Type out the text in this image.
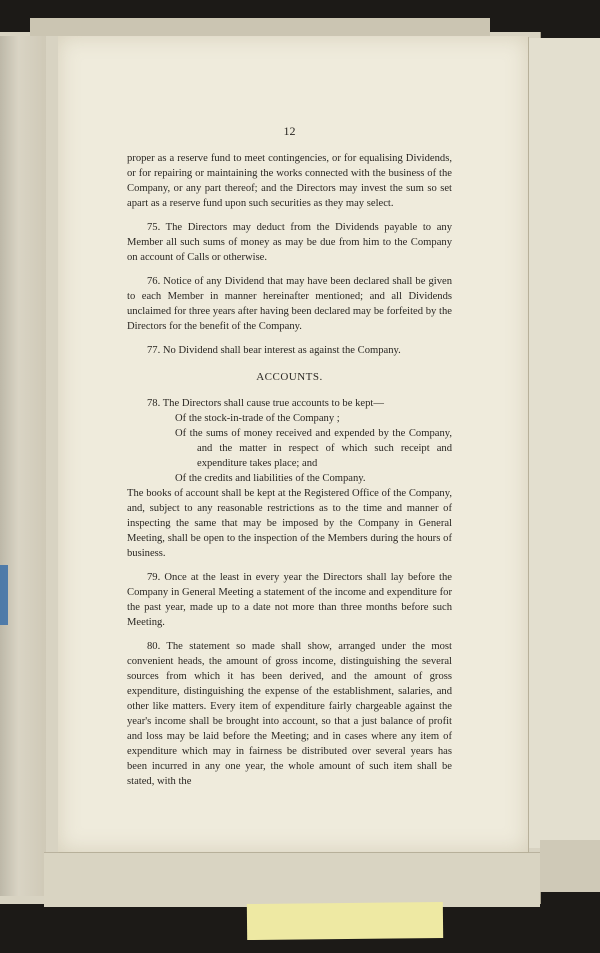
12

proper as a reserve fund to meet contingencies, or for equalising Dividends, or for repairing or maintaining the works connected with the business of the Company, or any part thereof; and the Directors may invest the sum so set apart as a reserve fund upon such securities as they may select.

75. The Directors may deduct from the Dividends payable to any Member all such sums of money as may be due from him to the Company on account of Calls or otherwise.

76. Notice of any Dividend that may have been declared shall be given to each Member in manner hereinafter mentioned; and all Dividends unclaimed for three years after having been declared may be forfeited by the Directors for the benefit of the Company.

77. No Dividend shall bear interest as against the Company.

ACCOUNTS.

78. The Directors shall cause true accounts to be kept—

Of the stock-in-trade of the Company ;
Of the sums of money received and expended by the Company, and the matter in respect of which such receipt and expenditure takes place; and
Of the credits and liabilities of the Company.

The books of account shall be kept at the Registered Office of the Company, and, subject to any reasonable restrictions as to the time and manner of inspecting the same that may be imposed by the Company in General Meeting, shall be open to the inspection of the Members during the hours of business.

79. Once at the least in every year the Directors shall lay before the Company in General Meeting a statement of the income and expenditure for the past year, made up to a date not more than three months before such Meeting.

80. The statement so made shall show, arranged under the most convenient heads, the amount of gross income, distinguishing the several sources from which it has been derived, and the amount of gross expenditure, distinguishing the expense of the establishment, salaries, and other like matters. Every item of expenditure fairly chargeable against the year's income shall be brought into account, so that a just balance of profit and loss may be laid before the Meeting; and in cases where any item of expenditure which may in fairness be distributed over several years has been incurred in any one year, the whole amount of such item shall be stated, with the
